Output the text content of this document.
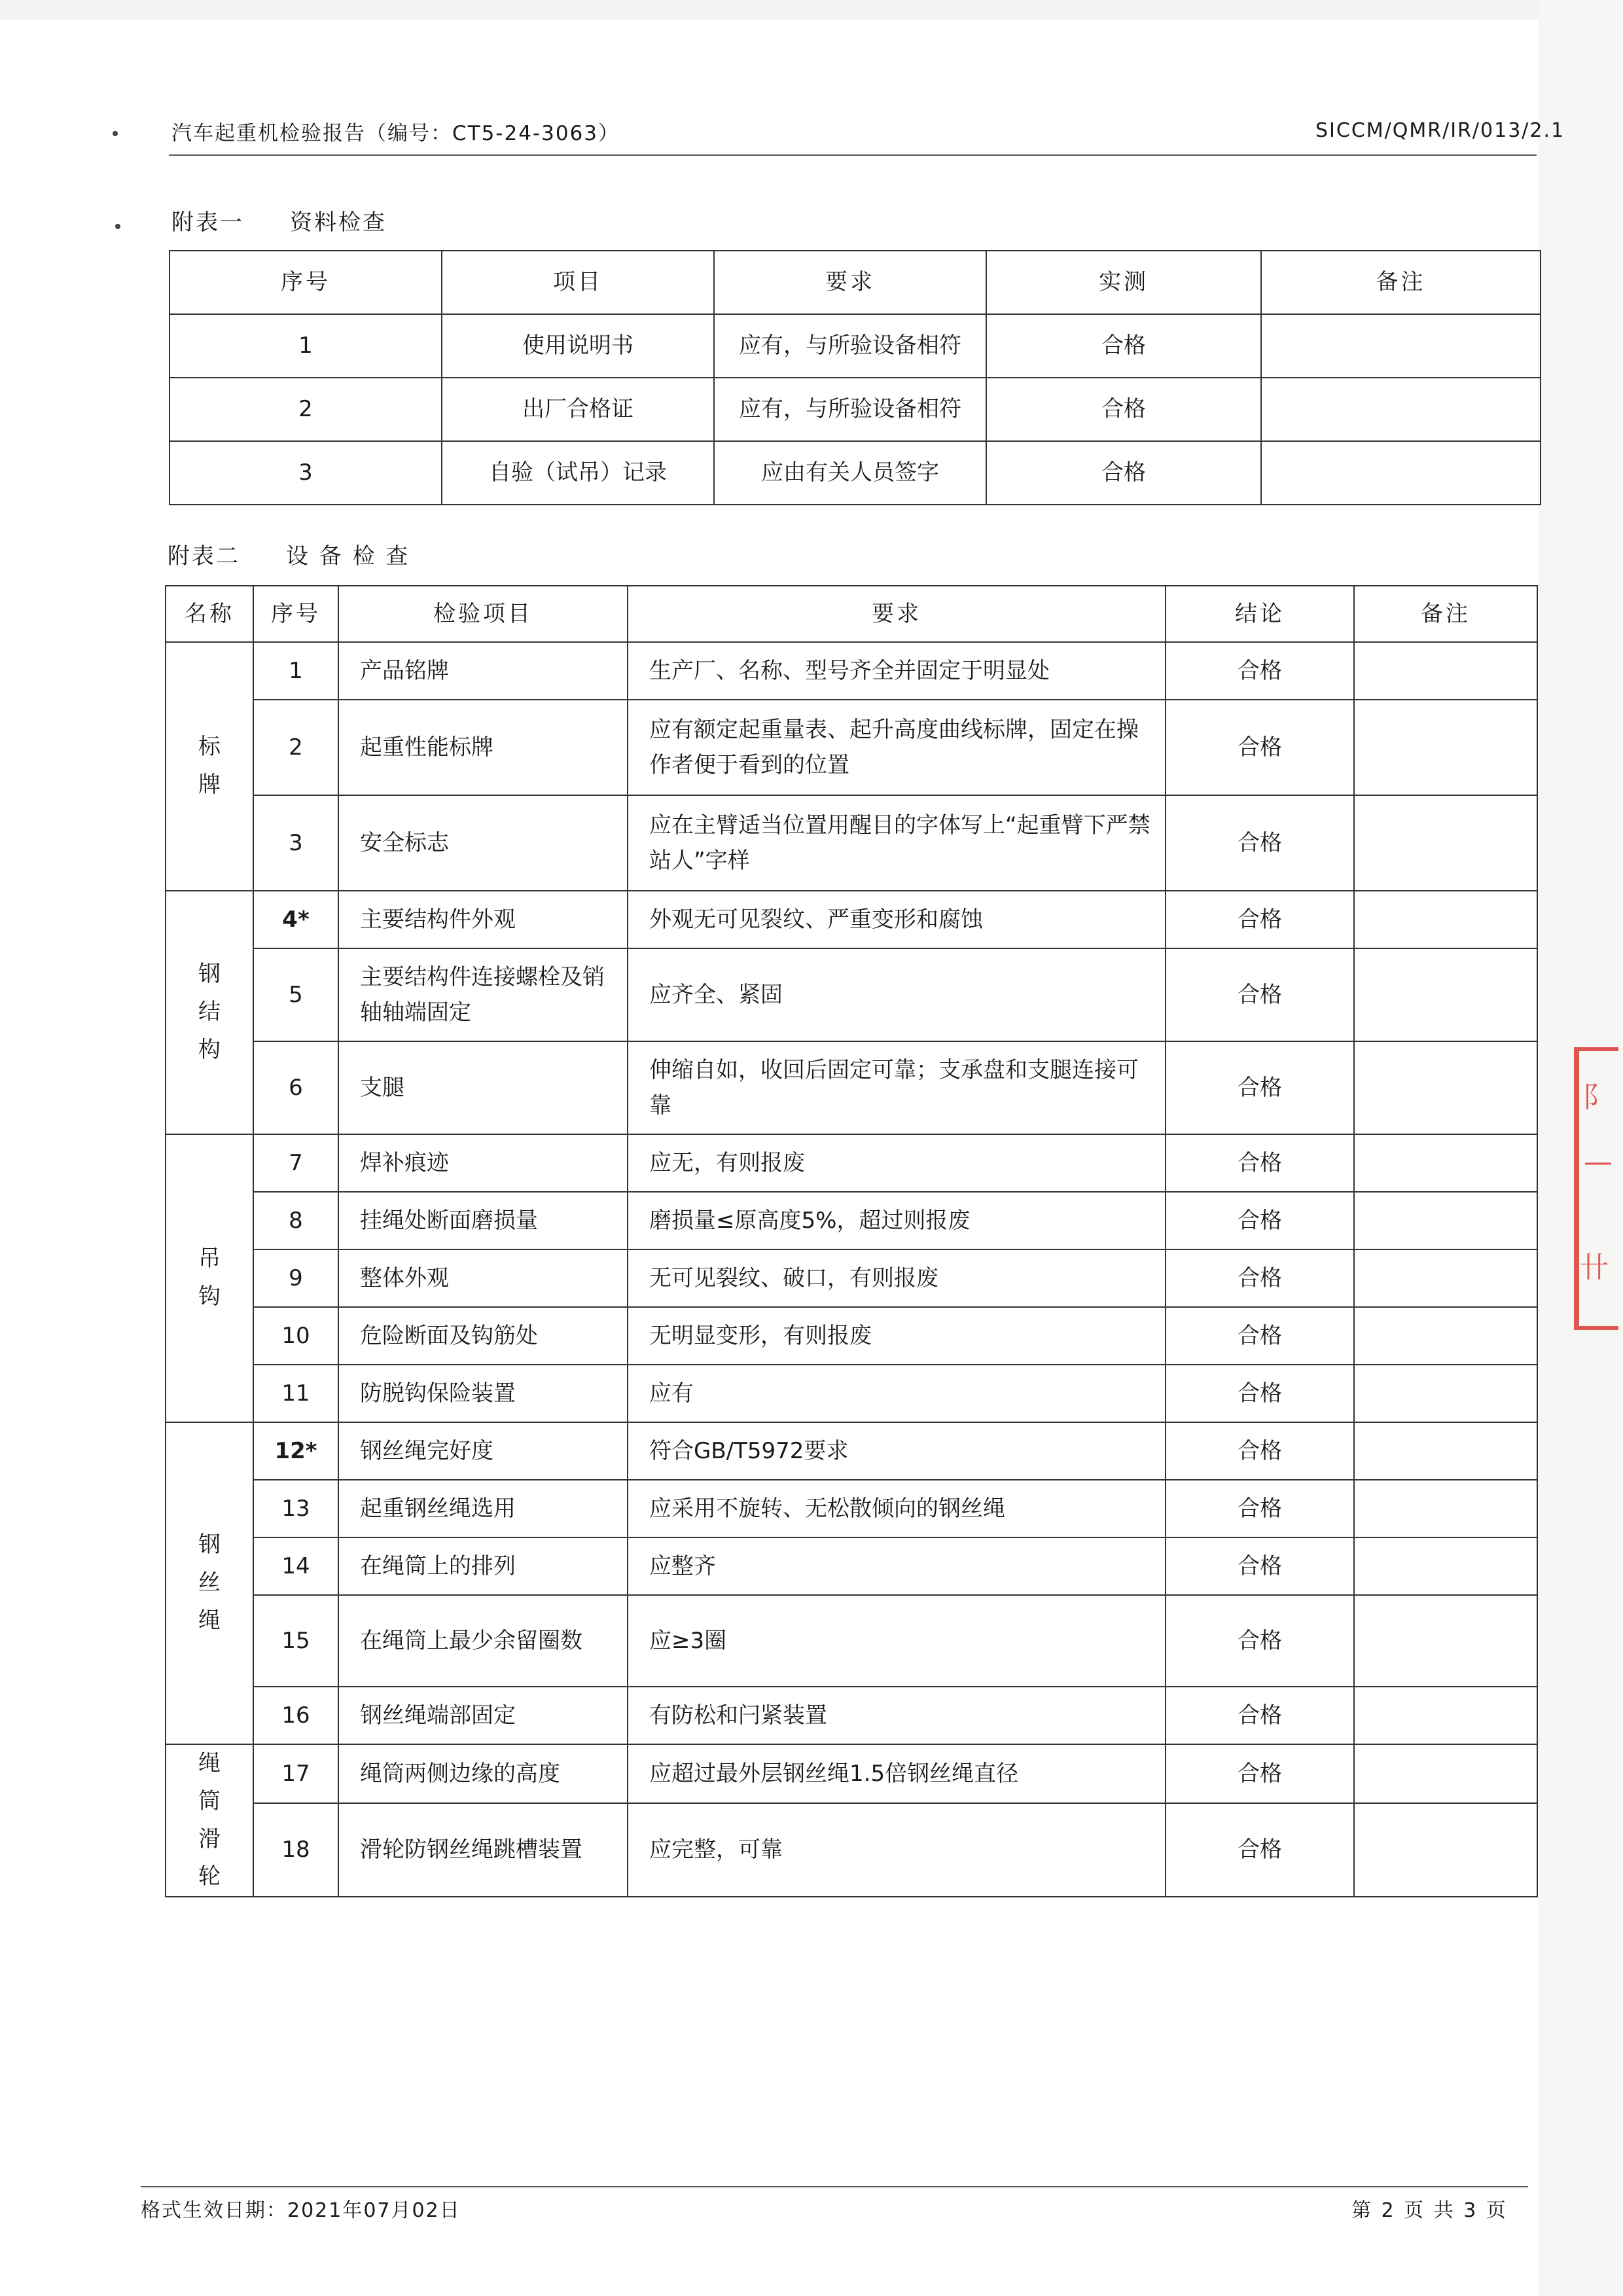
汽车起重机检验报告（编号：CT5-24-3063）	SICCM/QMR/IR/013/2.1
附表一 资料检查
序号	项目	要求	实测	备注
1	使用说明书	应有，与所验设备相符	合格	
2	出厂合格证	应有，与所验设备相符	合格	
3	自验（试吊）记录	应由有关人员签字	合格	
附表二 设 备 检 查
名称	序号	检验项目	要求	结论	备注
标牌	1	产品铭牌	生产厂、名称、型号齐全并固定于明显处	合格	
	2	起重性能标牌	应有额定起重量表、起升高度曲线标牌，固定在操作者便于看到的位置	合格	
	3	安全标志	应在主臂适当位置用醒目的字体写上“起重臂下严禁站人”字样	合格	
钢结构	4*	主要结构件外观	外观无可见裂纹、严重变形和腐蚀	合格	
	5	主要结构件连接螺栓及销轴轴端固定	应齐全、紧固	合格	
	6	支腿	伸缩自如，收回后固定可靠；支承盘和支腿连接可靠	合格	
吊钩	7	焊补痕迹	应无，有则报废	合格	
	8	挂绳处断面磨损量	磨损量≤原高度5%，超过则报废	合格	
	9	整体外观	无可见裂纹、破口，有则报废	合格	
	10	危险断面及钩筋处	无明显变形，有则报废	合格	
	11	防脱钩保险装置	应有	合格	
钢丝绳	12*	钢丝绳完好度	符合GB/T5972要求	合格	
	13	起重钢丝绳选用	应采用不旋转、无松散倾向的钢丝绳	合格	
	14	在绳筒上的排列	应整齐	合格	
	15	在绳筒上最少余留圈数	应≥3圈	合格	
	16	钢丝绳端部固定	有防松和闩紧装置	合格	
绳筒滑轮	17	绳筒两侧边缘的高度	应超过最外层钢丝绳1.5倍钢丝绳直径	合格	
	18	滑轮防钢丝绳跳槽装置	应完整，可靠	合格	
阝
—
卄
格式生效日期：2021年07月02日	第 2 页 共 3 页
